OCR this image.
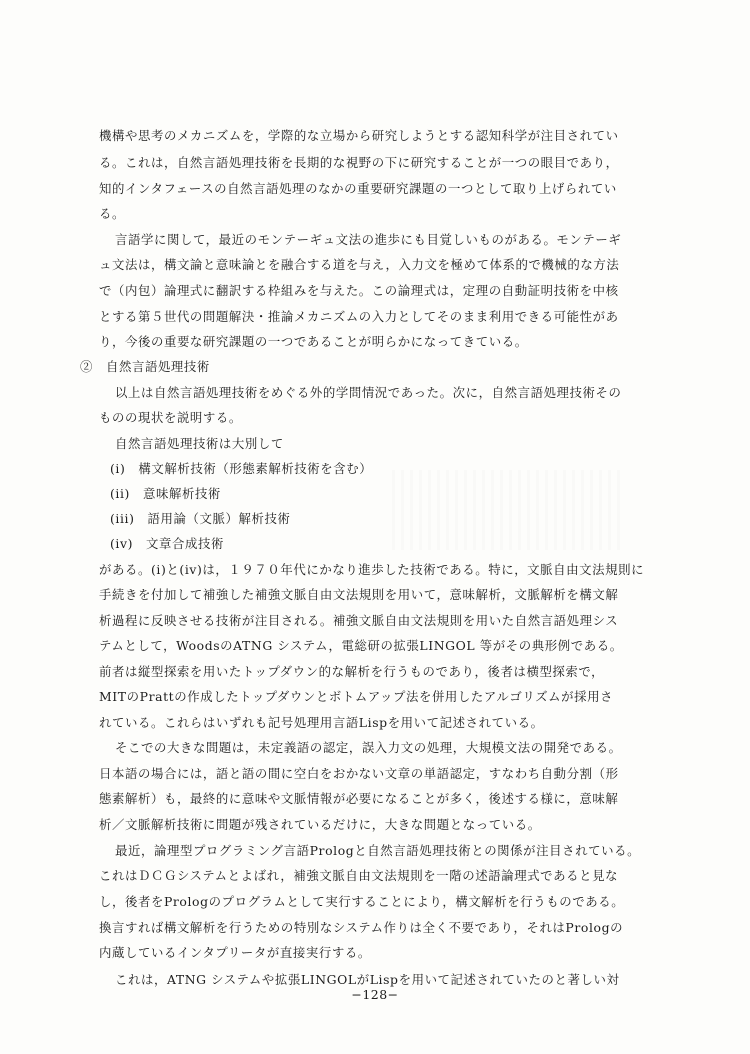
機構や思考のメカニズムを，学際的な立場から研究しようとする認知科学が注目されてい
る。これは，自然言語処理技術を長期的な視野の下に研究することが一つの眼目であり，
知的インタフェースの自然言語処理のなかの重要研究課題の一つとして取り上げられてい
る。
言語学に関して，最近のモンテーギュ文法の進歩にも目覚しいものがある。モンテーギ
ュ文法は，構文論と意味論とを融合する道を与え，入力文を極めて体系的で機械的な方法
で（内包）論理式に翻訳する枠組みを与えた。この論理式は，定理の自動証明技術を中核
とする第５世代の問題解決・推論メカニズムの入力としてそのまま利用できる可能性があ
り，今後の重要な研究課題の一つであることが明らかになってきている。
②　自然言語処理技術
以上は自然言語処理技術をめぐる外的学問情況であった。次に，自然言語処理技術その
ものの現状を説明する。
自然言語処理技術は大別して
(i)　構文解析技術（形態素解析技術を含む）
(ii)　意味解析技術
(iii)　語用論（文脈）解析技術
(iv)　文章合成技術
がある。(i)と(iv)は，１９７０年代にかなり進歩した技術である。特に，文脈自由文法規則に
手続きを付加して補強した補強文脈自由文法規則を用いて，意味解析，文脈解析を構文解
析過程に反映させる技術が注目される。補強文脈自由文法規則を用いた自然言語処理シス
テムとして，WoodsのATNG システム，電総研の拡張LINGOL 等がその典形例である。
前者は縦型探索を用いたトップダウン的な解析を行うものであり，後者は横型探索で，
MITのPrattの作成したトップダウンとボトムアップ法を併用したアルゴリズムが採用さ
れている。これらはいずれも記号処理用言語Lispを用いて記述されている。
そこでの大きな問題は，未定義語の認定，誤入力文の処理，大規模文法の開発である。
日本語の場合には，語と語の間に空白をおかない文章の単語認定，すなわち自動分割（形
態素解析）も，最終的に意味や文脈情報が必要になることが多く，後述する様に，意味解
析／文脈解析技術に問題が残されているだけに，大きな問題となっている。
最近，論理型プログラミング言語Prologと自然言語処理技術との関係が注目されている。
これはＤＣＧシステムとよばれ，補強文脈自由文法規則を一階の述語論理式であると見な
し，後者をPrologのプログラムとして実行することにより，構文解析を行うものである。
換言すれば構文解析を行うための特別なシステム作りは全く不要であり，それはPrologの
内蔵しているインタプリータが直接実行する。
これは，ATNG システムや拡張LINGOLがLispを用いて記述されていたのと著しい対
−128−
